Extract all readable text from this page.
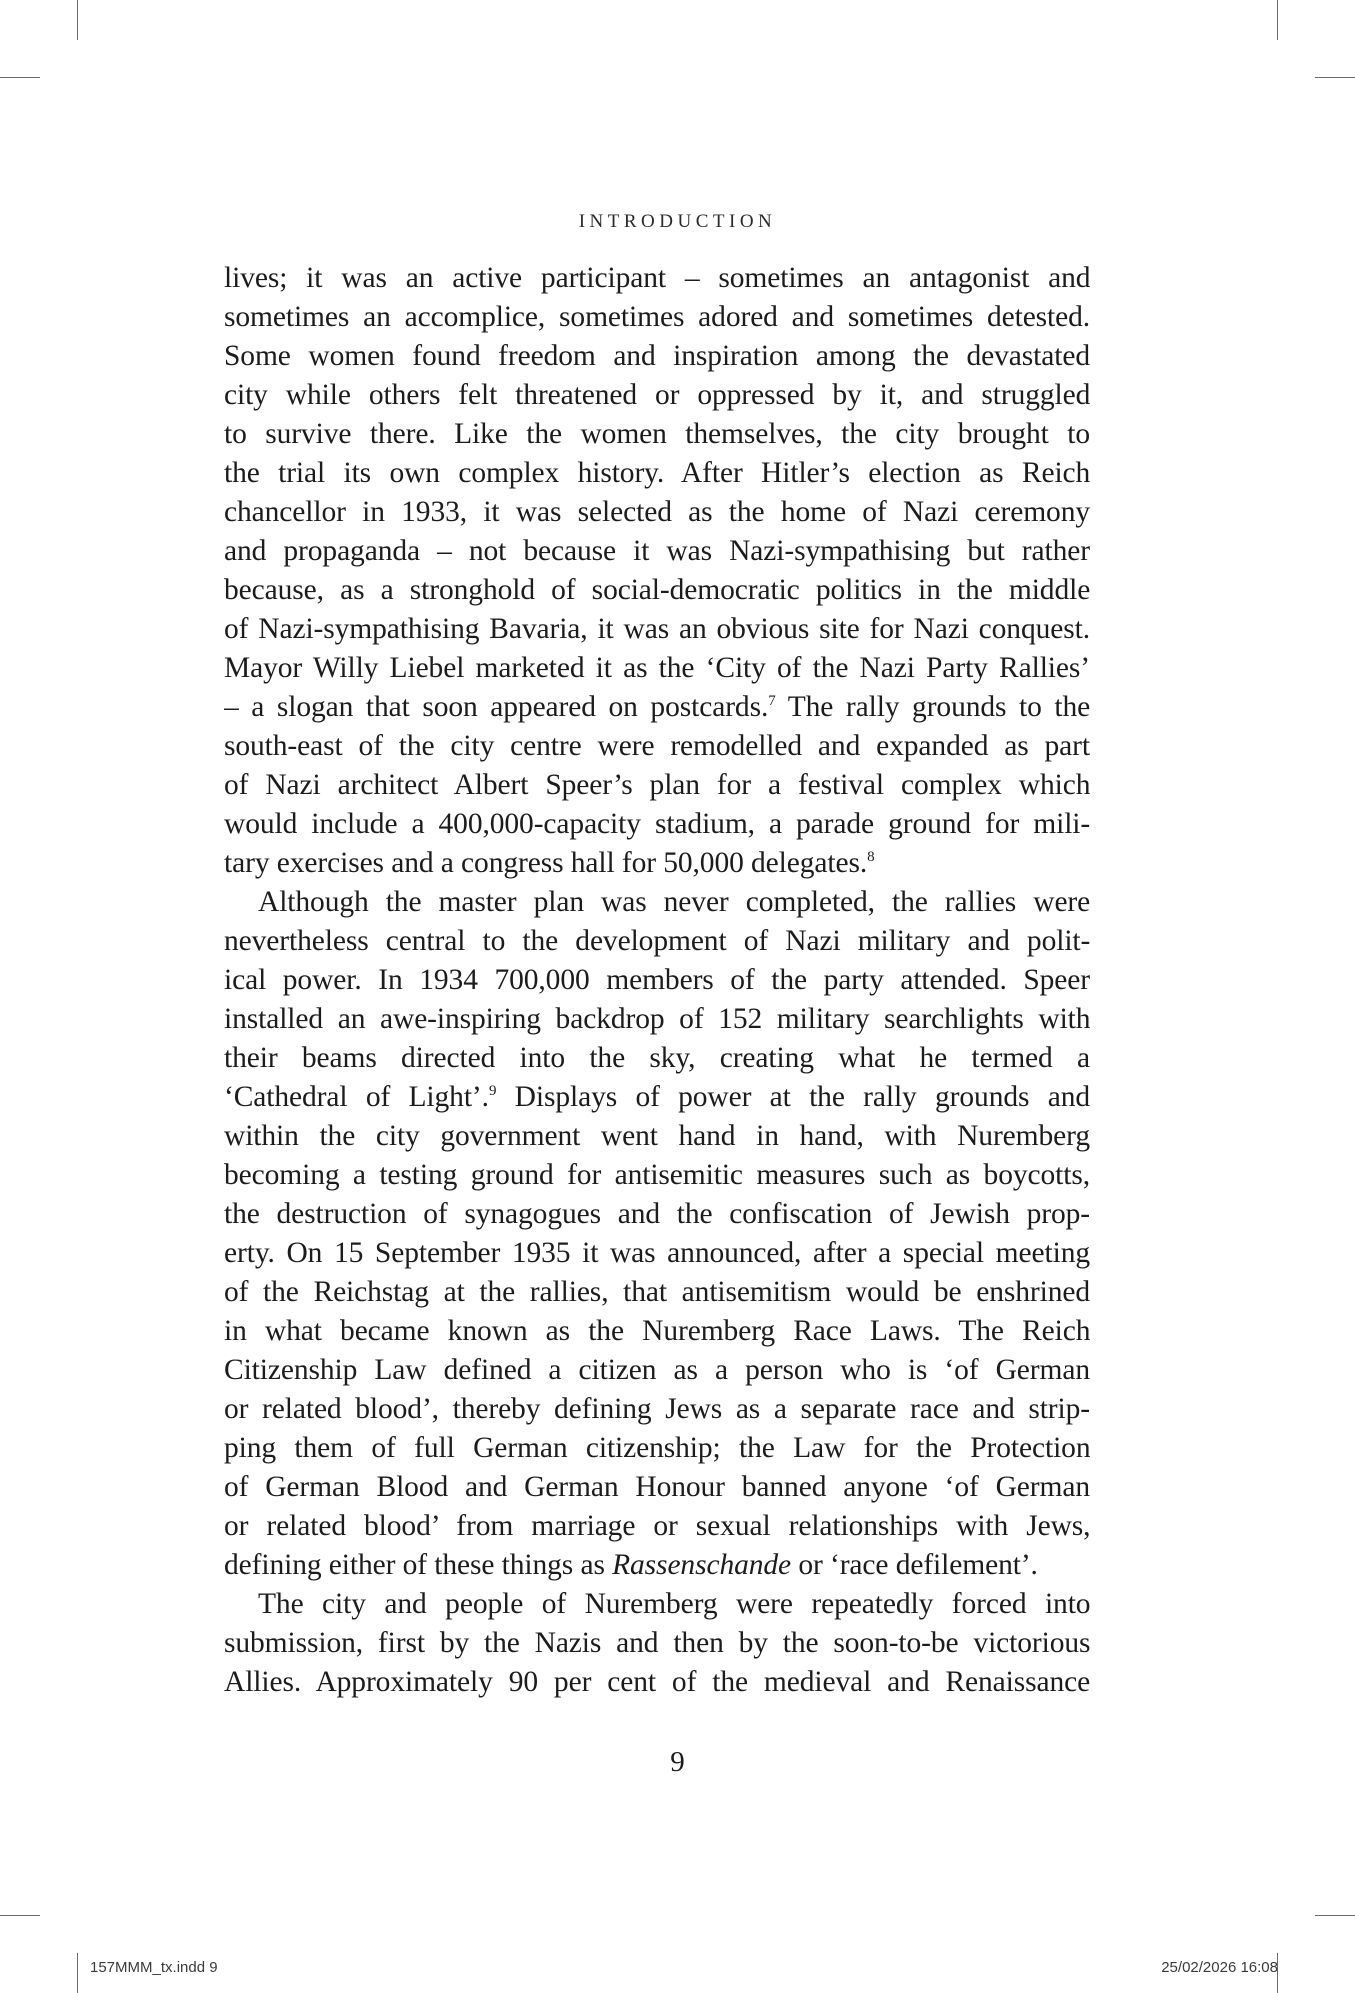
INTRODUCTION

lives; it was an active participant – sometimes an antagonist and
sometimes an accomplice, sometimes adored and sometimes detested.
Some women found freedom and inspiration among the devastated
city while others felt threatened or oppressed by it, and struggled
to survive there. Like the women themselves, the city brought to
the trial its own complex history. After Hitler’s election as Reich
chancellor in 1933, it was selected as the home of Nazi ceremony
and propaganda – not because it was Nazi-sympathising but rather
because, as a stronghold of social-democratic politics in the middle
of Nazi-sympathising Bavaria, it was an obvious site for Nazi conquest.
Mayor Willy Liebel marketed it as the ‘City of the Nazi Party Rallies’
– a slogan that soon appeared on postcards.$^7$ The rally grounds to the
south-east of the city centre were remodelled and expanded as part
of Nazi architect Albert Speer’s plan for a festival complex which
would include a 400,000-capacity stadium, a parade ground for mili-
tary exercises and a congress hall for 50,000 delegates.$^8$

Although the master plan was never completed, the rallies were
nevertheless central to the development of Nazi military and polit-
ical power. In 1934 700,000 members of the party attended. Speer
installed an awe-inspiring backdrop of 152 military searchlights with
their beams directed into the sky, creating what he termed a
‘Cathedral of Light’.$^9$ Displays of power at the rally grounds and
within the city government went hand in hand, with Nuremberg
becoming a testing ground for antisemitic measures such as boycotts,
the destruction of synagogues and the confiscation of Jewish prop-
erty. On 15 September 1935 it was announced, after a special meeting
of the Reichstag at the rallies, that antisemitism would be enshrined
in what became known as the Nuremberg Race Laws. The Reich
Citizenship Law defined a citizen as a person who is ‘of German
or related blood’, thereby defining Jews as a separate race and strip-
ping them of full German citizenship; the Law for the Protection
of German Blood and German Honour banned anyone ‘of German
or related blood’ from marriage or sexual relationships with Jews,
defining either of these things as Rassenschande or ‘race defilement’.

The city and people of Nuremberg were repeatedly forced into
submission, first by the Nazis and then by the soon-to-be victorious
Allies. Approximately 90 per cent of the medieval and Renaissance

9
157MMM_tx.indd 9	25/02/2026 16:08
